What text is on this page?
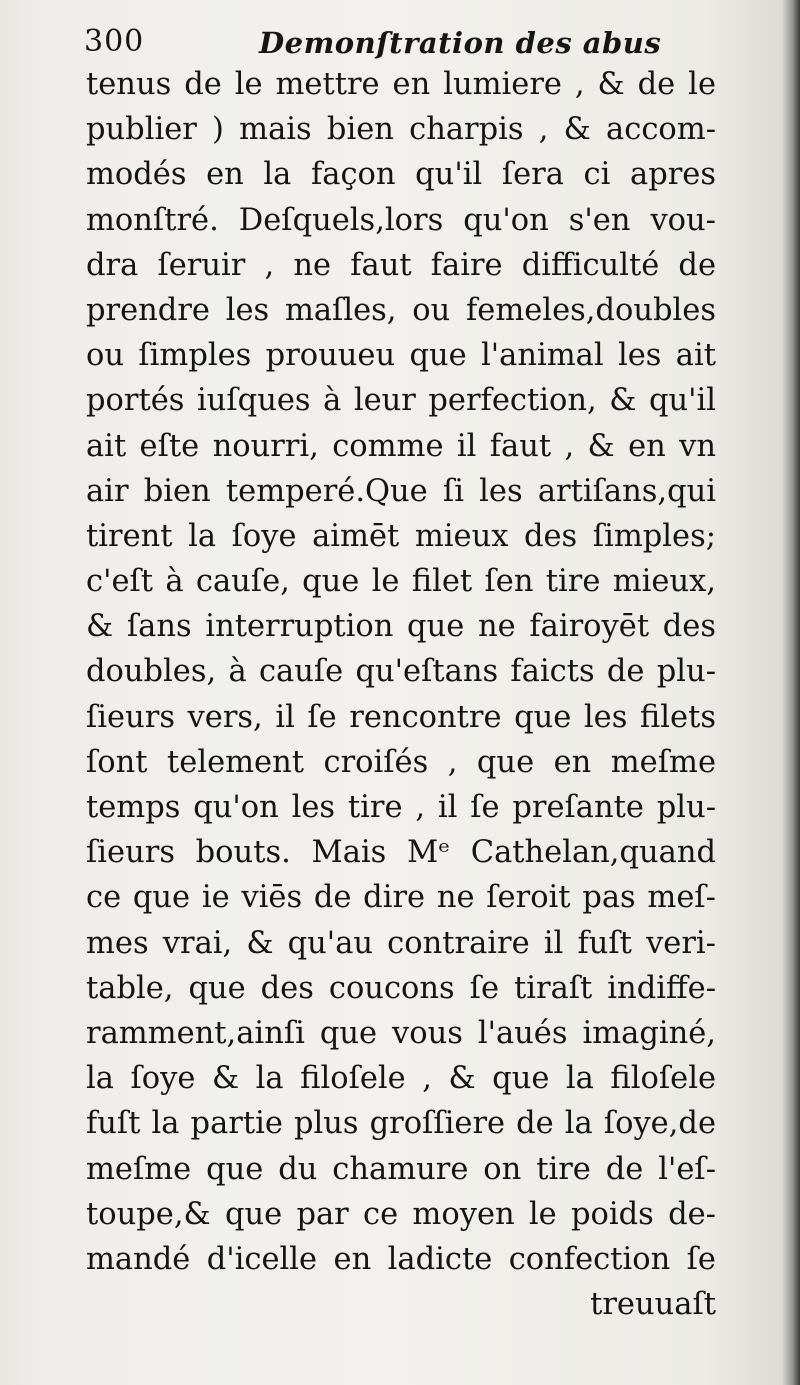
300	Demonſtration des abus
tenus de le mettre en lumiere , & de le
publier ) mais bien charpis , & accom-
modés en la façon qu'il ſera ci apres
monſtré. Deſquels,lors qu'on s'en vou-
dra ſeruir , ne faut faire difficulté de
prendre les maſles, ou femeles,doubles
ou ſimples prouueu que l'animal les ait
portés iuſques à leur perfection, & qu'il
ait eſte nourri, comme il faut , & en vn
air bien temperé.Que ſi les artiſans,qui
tirent la ſoye aimēt mieux des ſimples;
c'eſt à cauſe, que le filet ſen tire mieux,
& ſans interruption que ne fairoyēt des
doubles, à cauſe qu'eſtans faicts de plu-
ſieurs vers, il ſe rencontre que les filets
ſont telement croiſés , que en meſme
temps qu'on les tire , il ſe preſante plu-
ſieurs bouts. Mais Mᵉ Cathelan,quand
ce que ie viēs de dire ne ſeroit pas meſ-
mes vrai, & qu'au contraire il fuſt veri-
table, que des coucons ſe tiraſt indiffe-
ramment,ainſi que vous l'aués imaginé,
la ſoye & la filoſele , & que la filoſele
fuſt la partie plus groſſiere de la ſoye,de
meſme que du chamure on tire de l'eſ-
toupe,& que par ce moyen le poids de-
mandé d'icelle en ladicte confection ſe
treuuaſt
